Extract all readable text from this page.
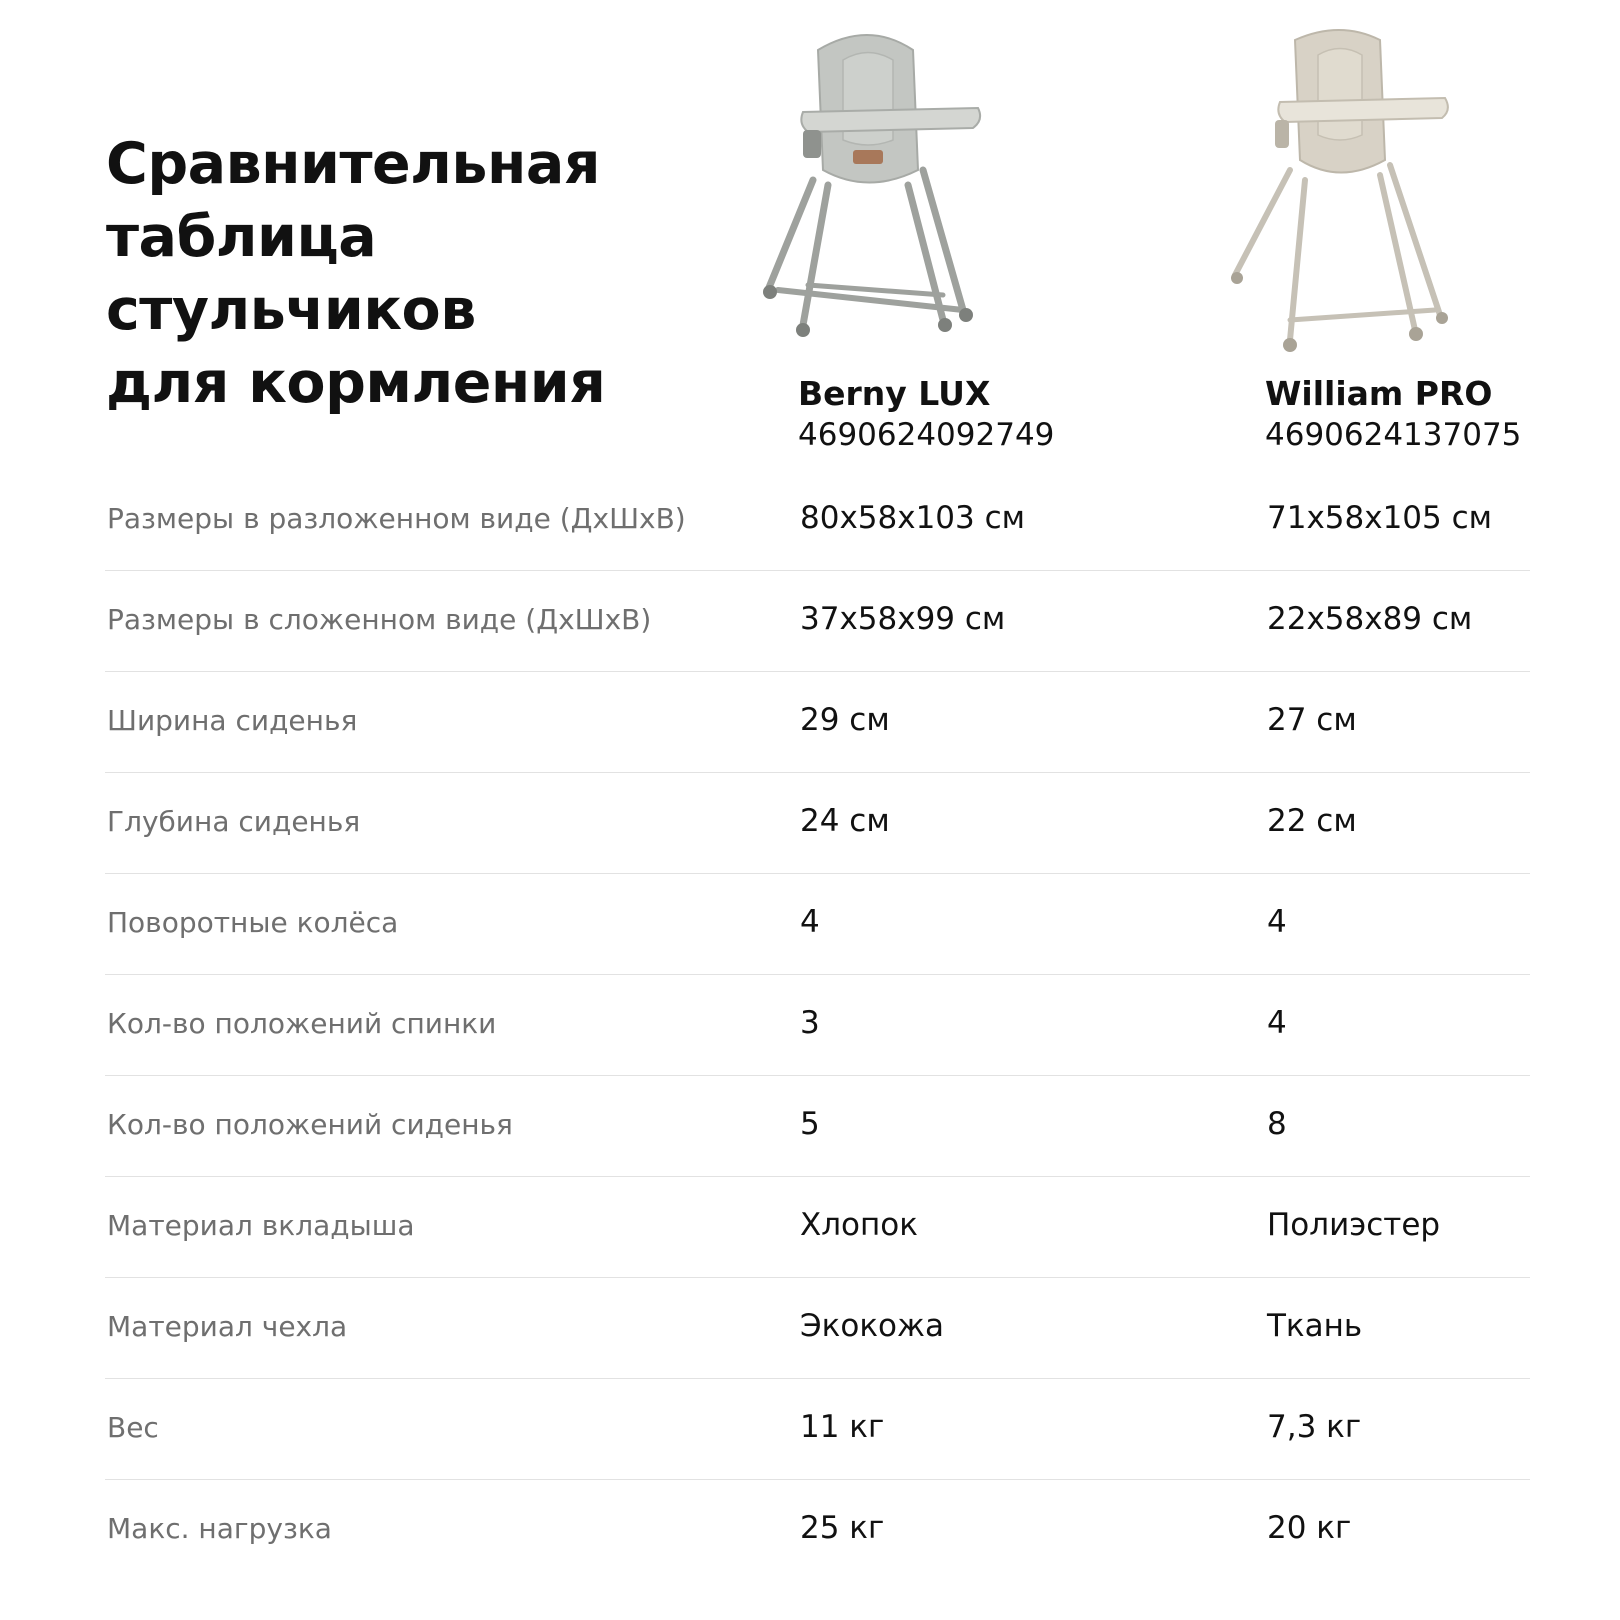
Сравнительная
таблица
стульчиков
для кормления	Berny LUX
4690624092749
William PRO
4690624137075
Размеры в разложенном виде (ДхШхВ)	80x58x103 см	71x58x105 см
Размеры в сложенном виде (ДхШхВ)	37x58x99 см	22x58x89 см
Ширина сиденья	29 см	27 см
Глубина сиденья	24 см	22 см
Поворотные колёса	4	4
Кол-во положений спинки	3	4
Кол-во положений сиденья	5	8
Материал вкладыша	Хлопок	Полиэстер
Материал чехла	Экокожа	Ткань
Вес	11 кг	7,3 кг
Макс. нагрузка	25 кг	20 кг
